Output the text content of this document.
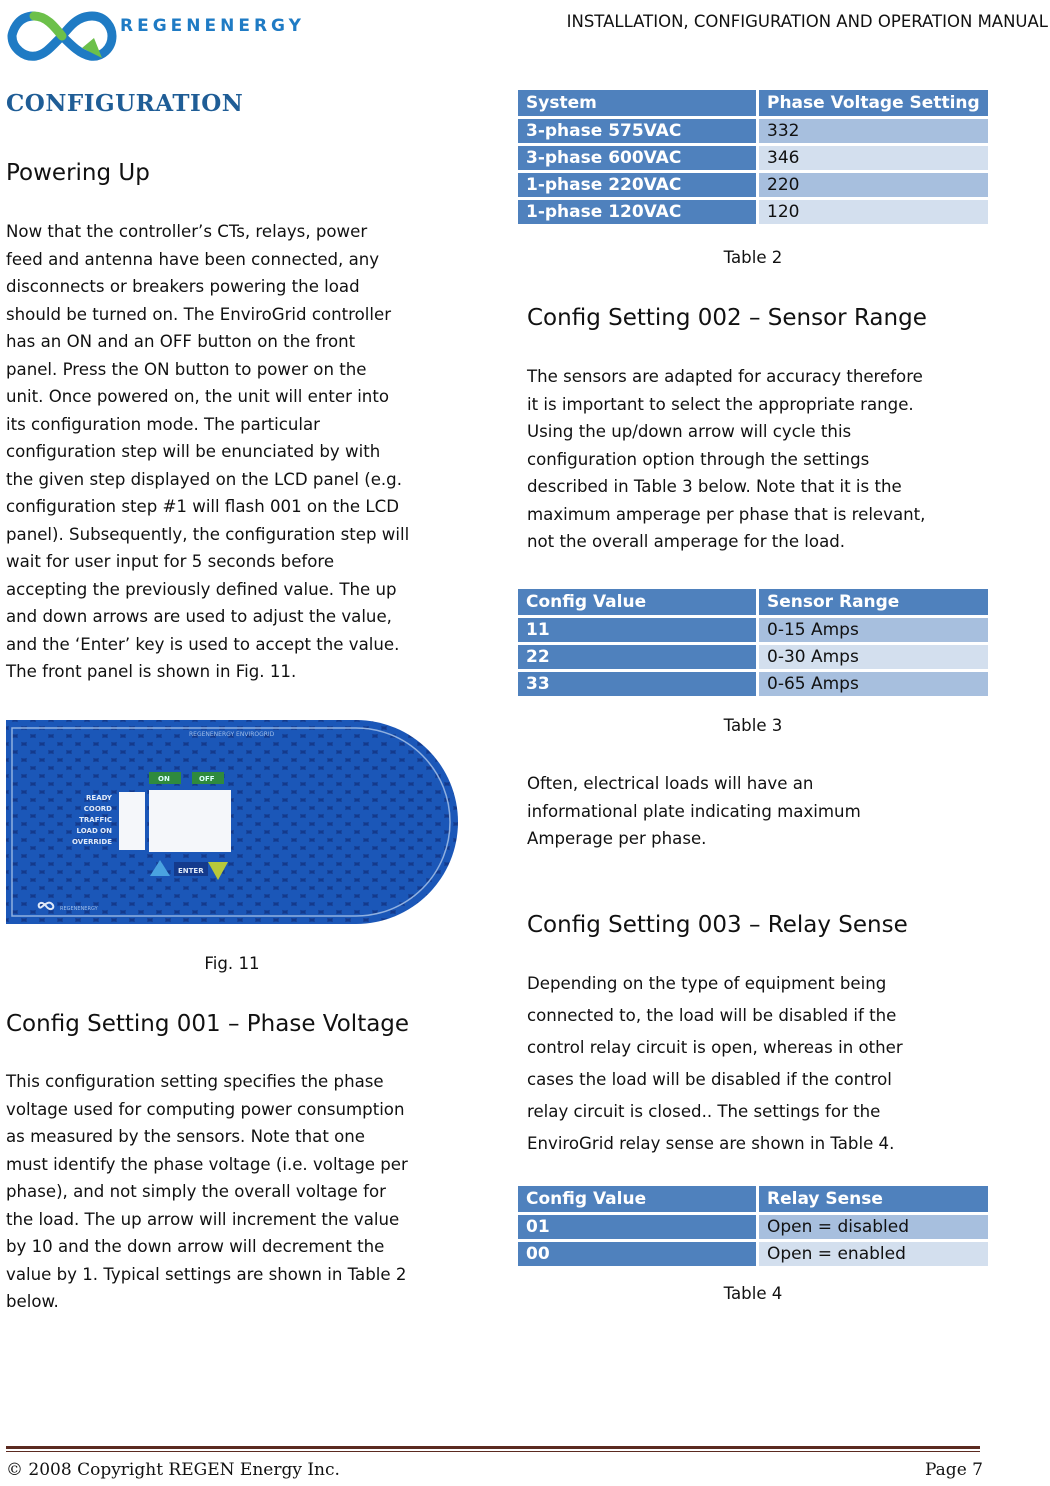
REGENENERGY	INSTALLATION, CONFIGURATION AND OPERATION MANUAL
CONFIGURATION
Powering Up
Now that the controller’s CTs, relays, power
feed and antenna have been connected, any
disconnects or breakers powering the load
should be turned on. The EnviroGrid controller
has an ON and an OFF button on the front
panel. Press the ON button to power on the
unit. Once powered on, the unit will enter into
its configuration mode. The particular
configuration step will be enunciated by with
the given step displayed on the LCD panel (e.g.
configuration step #1 will flash 001 on the LCD
panel). Subsequently, the configuration step will
wait for user input for 5 seconds before
accepting the previously defined value. The up
and down arrows are used to adjust the value,
and the ‘Enter’ key is used to accept the value.
The front panel is shown in Fig. 11.
REGENENERGY ENVIROGRID
ON	OFF
READY
COORD
TRAFFIC
LOAD ON
OVERRIDE
ENTER
REGENENERGY
Fig. 11
Config Setting 001 – Phase Voltage
This configuration setting specifies the phase
voltage used for computing power consumption
as measured by the sensors. Note that one
must identify the phase voltage (i.e. voltage per
phase), and not simply the overall voltage for
the load. The up arrow will increment the value
by 10 and the down arrow will decrement the
value by 1. Typical settings are shown in Table 2
below.
System	Phase Voltage Setting
3-phase 575VAC	332
3-phase 600VAC	346
1-phase 220VAC	220
1-phase 120VAC	120
Table 2
Config Setting 002 – Sensor Range
The sensors are adapted for accuracy therefore
it is important to select the appropriate range.
Using the up/down arrow will cycle this
configuration option through the settings
described in Table 3 below. Note that it is the
maximum amperage per phase that is relevant,
not the overall amperage for the load.
Config Value	Sensor Range
11	0-15 Amps
22	0-30 Amps
33	0-65 Amps
Table 3
Often, electrical loads will have an
informational plate indicating maximum
Amperage per phase.
Config Setting 003 – Relay Sense
Depending on the type of equipment being
connected to, the load will be disabled if the
control relay circuit is open, whereas in other
cases the load will be disabled if the control
relay circuit is closed.. The settings for the
EnviroGrid relay sense are shown in Table 4.
Config Value	Relay Sense
01	Open = disabled
00	Open = enabled
Table 4
© 2008 Copyright REGEN Energy Inc.	Page 7
